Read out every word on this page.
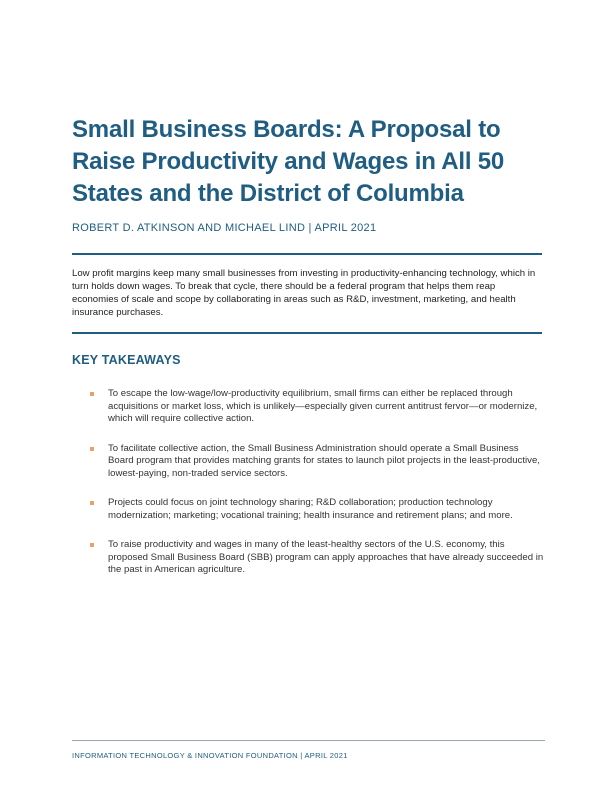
Small Business Boards: A Proposal to Raise Productivity and Wages in All 50 States and the District of Columbia
ROBERT D. ATKINSON AND MICHAEL LIND | APRIL 2021

Low profit margins keep many small businesses from investing in productivity-enhancing technology, which in turn holds down wages. To break that cycle, there should be a federal program that helps them reap economies of scale and scope by collaborating in areas such as R&D, investment, marketing, and health insurance purchases.

KEY TAKEAWAYS
To escape the low-wage/low-productivity equilibrium, small firms can either be replaced through acquisitions or market loss, which is unlikely—especially given current antitrust fervor—or modernize, which will require collective action.
To facilitate collective action, the Small Business Administration should operate a Small Business Board program that provides matching grants for states to launch pilot projects in the least-productive, lowest-paying, non-traded service sectors.
Projects could focus on joint technology sharing; R&D collaboration; production technology modernization; marketing; vocational training; health insurance and retirement plans; and more.
To raise productivity and wages in many of the least-healthy sectors of the U.S. economy, this proposed Small Business Board (SBB) program can apply approaches that have already succeeded in the past in American agriculture.
INFORMATION TECHNOLOGY & INNOVATION FOUNDATION | APRIL 2021
